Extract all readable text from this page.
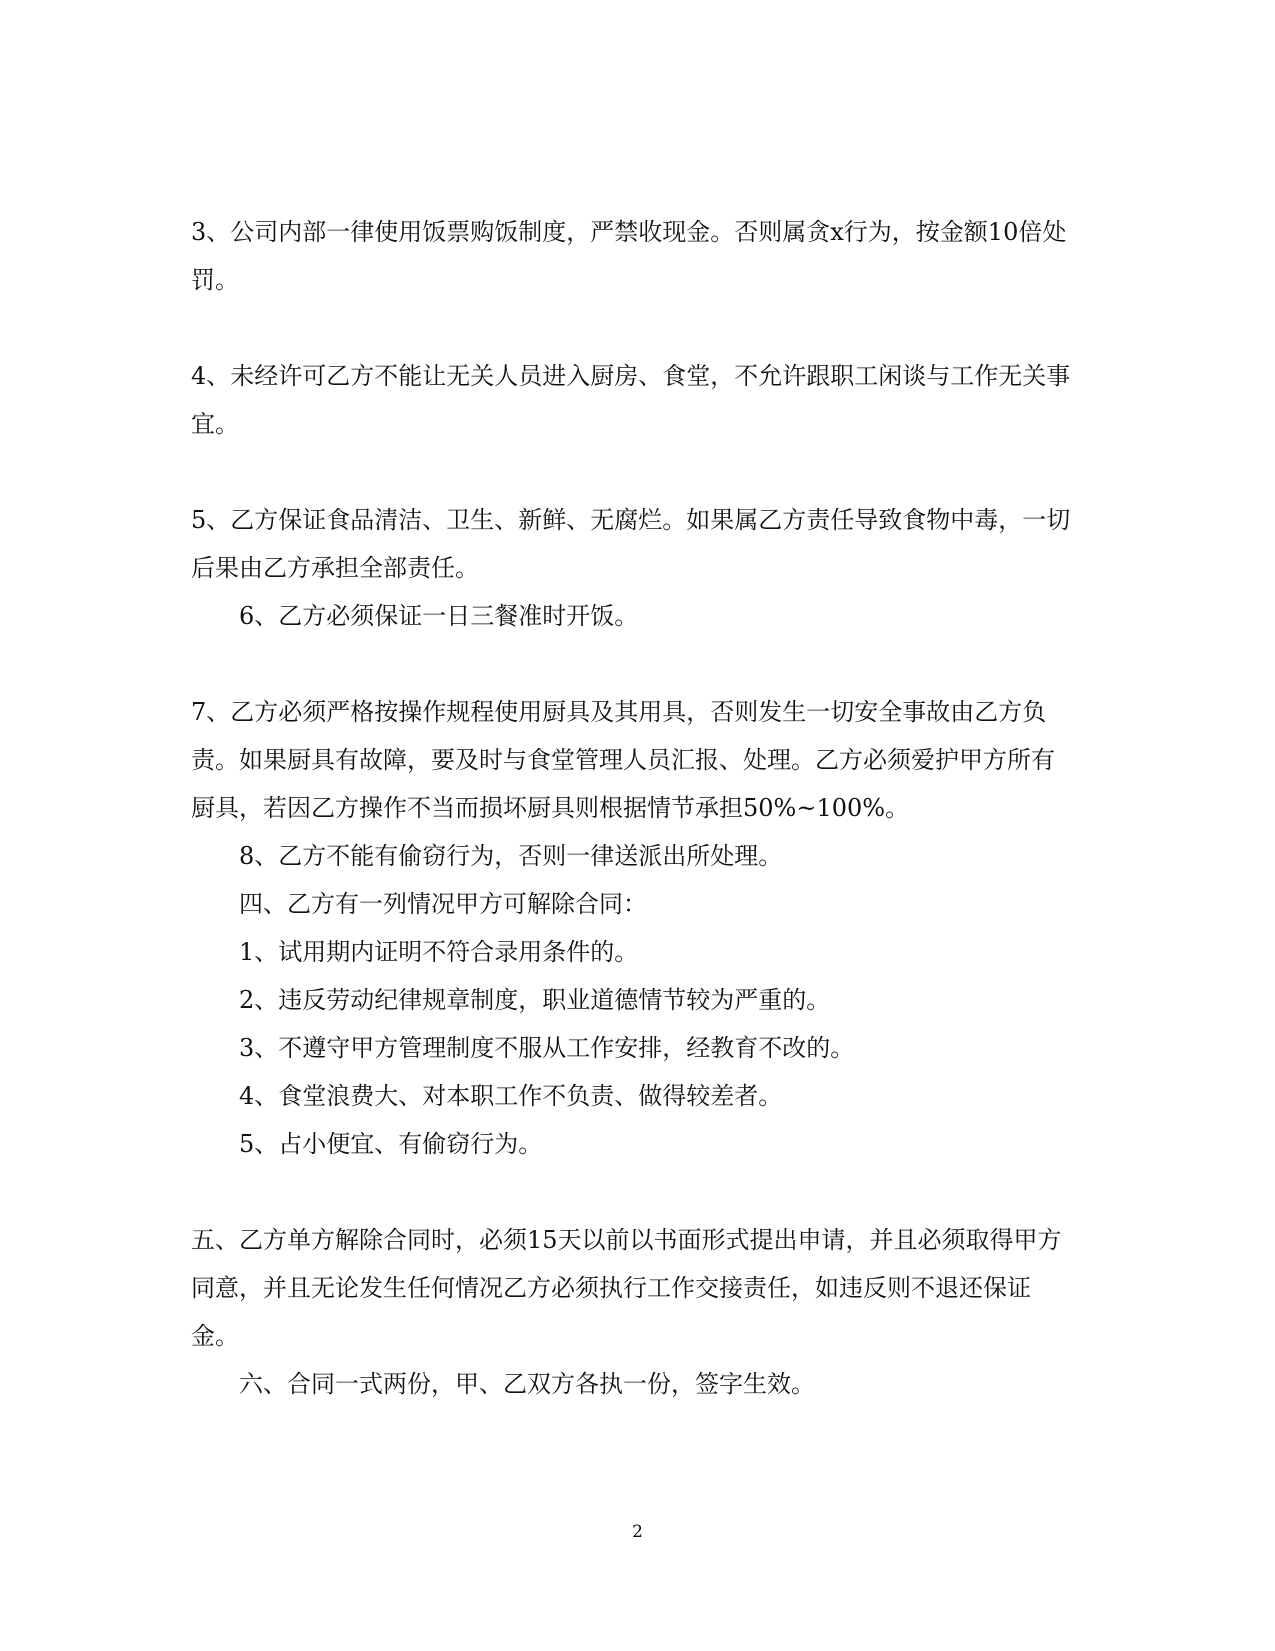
3、公司内部一律使用饭票购饭制度，严禁收现金。否则属贪x行为，按金额10倍处罚。

4、未经许可乙方不能让无关人员进入厨房、食堂，不允许跟职工闲谈与工作无关事宜。

5、乙方保证食品清洁、卫生、新鲜、无腐烂。如果属乙方责任导致食物中毒，一切后果由乙方承担全部责任。

6、乙方必须保证一日三餐准时开饭。

7、乙方必须严格按操作规程使用厨具及其用具，否则发生一切安全事故由乙方负责。如果厨具有故障，要及时与食堂管理人员汇报、处理。乙方必须爱护甲方所有厨具，若因乙方操作不当而损坏厨具则根据情节承担50%~100%。

8、乙方不能有偷窃行为，否则一律送派出所处理。

四、乙方有一列情况甲方可解除合同：

1、试用期内证明不符合录用条件的。

2、违反劳动纪律规章制度，职业道德情节较为严重的。

3、不遵守甲方管理制度不服从工作安排，经教育不改的。

4、食堂浪费大、对本职工作不负责、做得较差者。

5、占小便宜、有偷窃行为。

五、乙方单方解除合同时，必须15天以前以书面形式提出申请，并且必须取得甲方同意，并且无论发生任何情况乙方必须执行工作交接责任，如违反则不退还保证金。

六、合同一式两份，甲、乙双方各执一份，签字生效。

2
